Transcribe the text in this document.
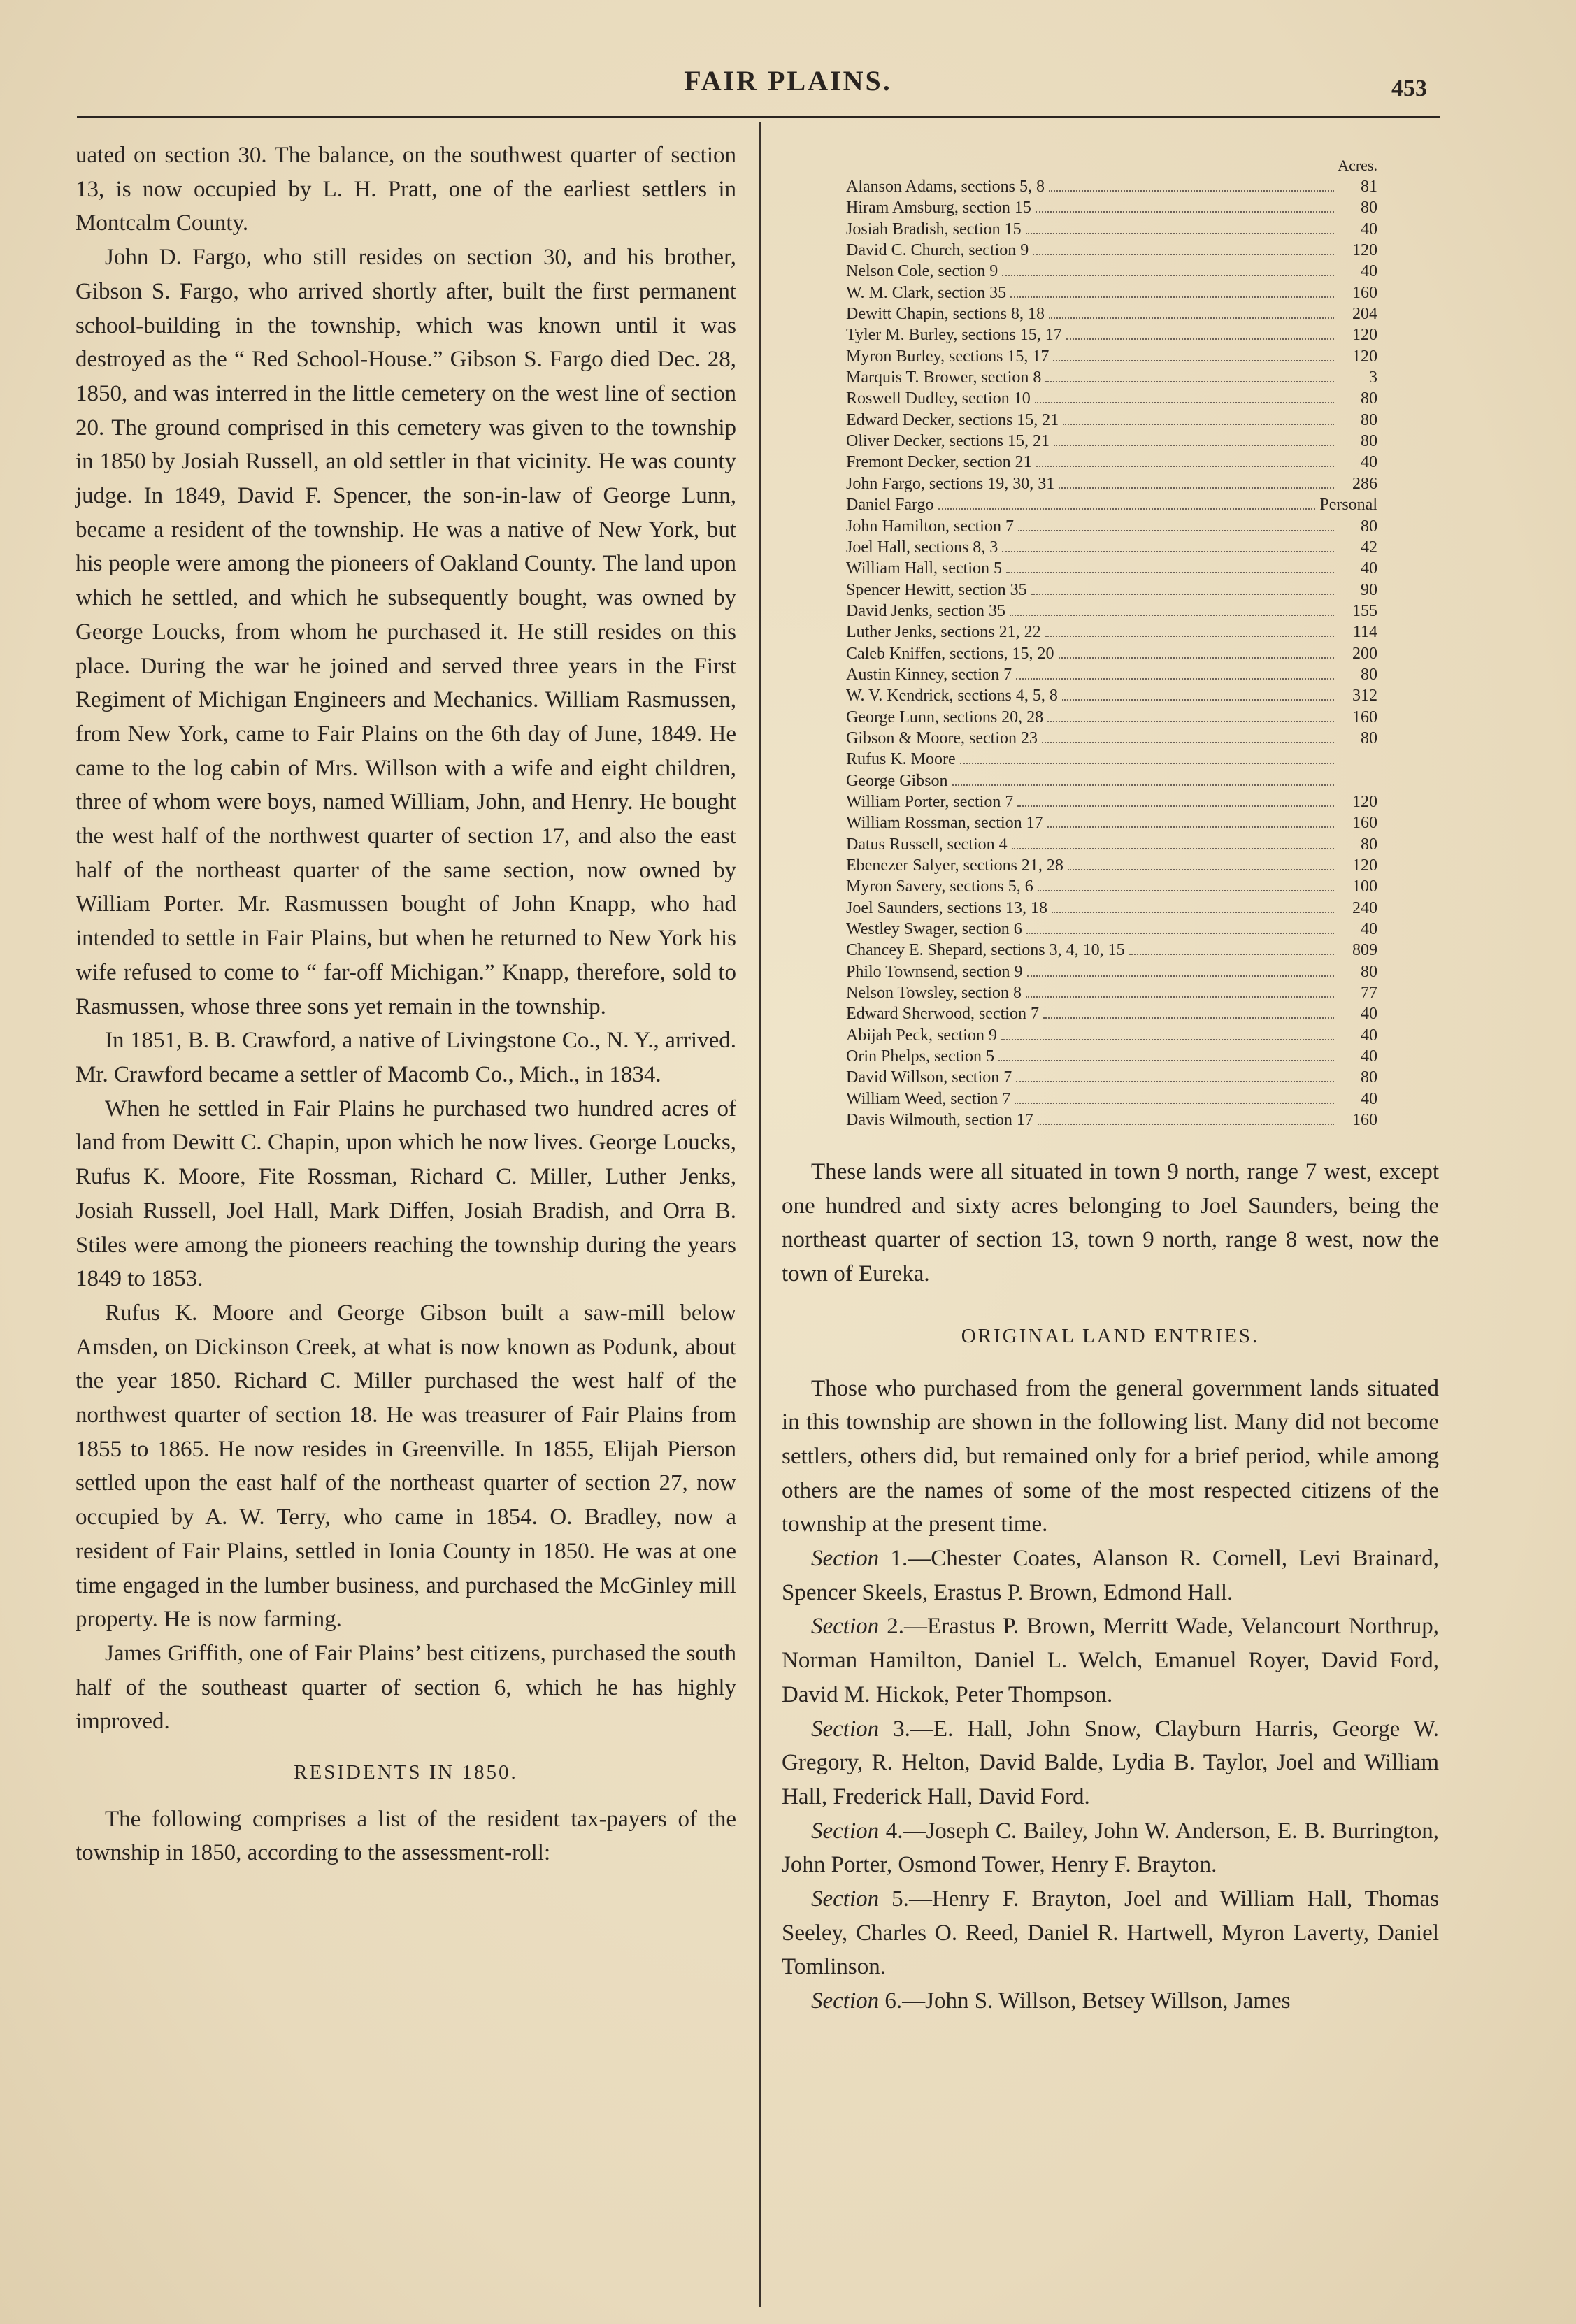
FAIR PLAINS.	453

uated on section 30. The balance, on the southwest quarter of section 13, is now occupied by L. H. Pratt, one of the earliest settlers in Montcalm County.

John D. Fargo, who still resides on section 30, and his brother, Gibson S. Fargo, who arrived shortly after, built the first permanent school-building in the township, which was known until it was destroyed as the “ Red School-House.” Gibson S. Fargo died Dec. 28, 1850, and was interred in the little cemetery on the west line of section 20. The ground comprised in this cemetery was given to the township in 1850 by Josiah Russell, an old settler in that vicinity. He was county judge. In 1849, David F. Spencer, the son-in-law of George Lunn, became a resident of the township. He was a native of New York, but his people were among the pioneers of Oakland County. The land upon which he settled, and which he subsequently bought, was owned by George Loucks, from whom he purchased it. He still resides on this place. During the war he joined and served three years in the First Regiment of Michigan Engineers and Mechanics. William Rasmussen, from New York, came to Fair Plains on the 6th day of June, 1849. He came to the log cabin of Mrs. Willson with a wife and eight children, three of whom were boys, named William, John, and Henry. He bought the west half of the northwest quarter of section 17, and also the east half of the northeast quarter of the same section, now owned by William Porter. Mr. Rasmussen bought of John Knapp, who had intended to settle in Fair Plains, but when he returned to New York his wife refused to come to “ far-off Michigan.” Knapp, therefore, sold to Rasmussen, whose three sons yet remain in the township.

In 1851, B. B. Crawford, a native of Livingstone Co., N. Y., arrived. Mr. Crawford became a settler of Macomb Co., Mich., in 1834.

When he settled in Fair Plains he purchased two hundred acres of land from Dewitt C. Chapin, upon which he now lives. George Loucks, Rufus K. Moore, Fite Rossman, Richard C. Miller, Luther Jenks, Josiah Russell, Joel Hall, Mark Diffen, Josiah Bradish, and Orra B. Stiles were among the pioneers reaching the township during the years 1849 to 1853.

Rufus K. Moore and George Gibson built a saw-mill below Amsden, on Dickinson Creek, at what is now known as Podunk, about the year 1850. Richard C. Miller purchased the west half of the northwest quarter of section 18. He was treasurer of Fair Plains from 1855 to 1865. He now resides in Greenville. In 1855, Elijah Pierson settled upon the east half of the northeast quarter of section 27, now occupied by A. W. Terry, who came in 1854. O. Bradley, now a resident of Fair Plains, settled in Ionia County in 1850. He was at one time engaged in the lumber business, and purchased the McGinley mill property. He is now farming.

James Griffith, one of Fair Plains’ best citizens, purchased the south half of the southeast quarter of section 6, which he has highly improved.

RESIDENTS IN 1850.

The following comprises a list of the resident tax-payers of the township in 1850, according to the assessment-roll:

Acres.
Alanson Adams, sections 5, 8	81
Hiram Amsburg, section 15	80
Josiah Bradish, section 15	40
David C. Church, section 9	120
Nelson Cole, section 9	40
W. M. Clark, section 35	160
Dewitt Chapin, sections 8, 18	204
Tyler M. Burley, sections 15, 17	120
Myron Burley, sections 15, 17	120
Marquis T. Brower, section 8	3
Roswell Dudley, section 10	80
Edward Decker, sections 15, 21	80
Oliver Decker, sections 15, 21	80
Fremont Decker, section 21	40
John Fargo, sections 19, 30, 31	286
Daniel Fargo	Personal
John Hamilton, section 7	80
Joel Hall, sections 8, 3	42
William Hall, section 5	40
Spencer Hewitt, section 35	90
David Jenks, section 35	155
Luther Jenks, sections 21, 22	114
Caleb Kniffen, sections, 15, 20	200
Austin Kinney, section 7	80
W. V. Kendrick, sections 4, 5, 8	312
George Lunn, sections 20, 28	160
Gibson & Moore, section 23	80
Rufus K. Moore
George Gibson
William Porter, section 7	120
William Rossman, section 17	160
Datus Russell, section 4	80
Ebenezer Salyer, sections 21, 28	120
Myron Savery, sections 5, 6	100
Joel Saunders, sections 13, 18	240
Westley Swager, section 6	40
Chancey E. Shepard, sections 3, 4, 10, 15	809
Philo Townsend, section 9	80
Nelson Towsley, section 8	77
Edward Sherwood, section 7	40
Abijah Peck, section 9	40
Orin Phelps, section 5	40
David Willson, section 7	80
William Weed, section 7	40
Davis Wilmouth, section 17	160

These lands were all situated in town 9 north, range 7 west, except one hundred and sixty acres belonging to Joel Saunders, being the northeast quarter of section 13, town 9 north, range 8 west, now the town of Eureka.

ORIGINAL LAND ENTRIES.

Those who purchased from the general government lands situated in this township are shown in the following list. Many did not become settlers, others did, but remained only for a brief period, while among others are the names of some of the most respected citizens of the township at the present time.

Section 1.—Chester Coates, Alanson R. Cornell, Levi Brainard, Spencer Skeels, Erastus P. Brown, Edmond Hall.

Section 2.—Erastus P. Brown, Merritt Wade, Velancourt Northrup, Norman Hamilton, Daniel L. Welch, Emanuel Royer, David Ford, David M. Hickok, Peter Thompson.

Section 3.—E. Hall, John Snow, Clayburn Harris, George W. Gregory, R. Helton, David Balde, Lydia B. Taylor, Joel and William Hall, Frederick Hall, David Ford.

Section 4.—Joseph C. Bailey, John W. Anderson, E. B. Burrington, John Porter, Osmond Tower, Henry F. Brayton.

Section 5.—Henry F. Brayton, Joel and William Hall, Thomas Seeley, Charles O. Reed, Daniel R. Hartwell, Myron Laverty, Daniel Tomlinson.

Section 6.—John S. Willson, Betsey Willson, James
